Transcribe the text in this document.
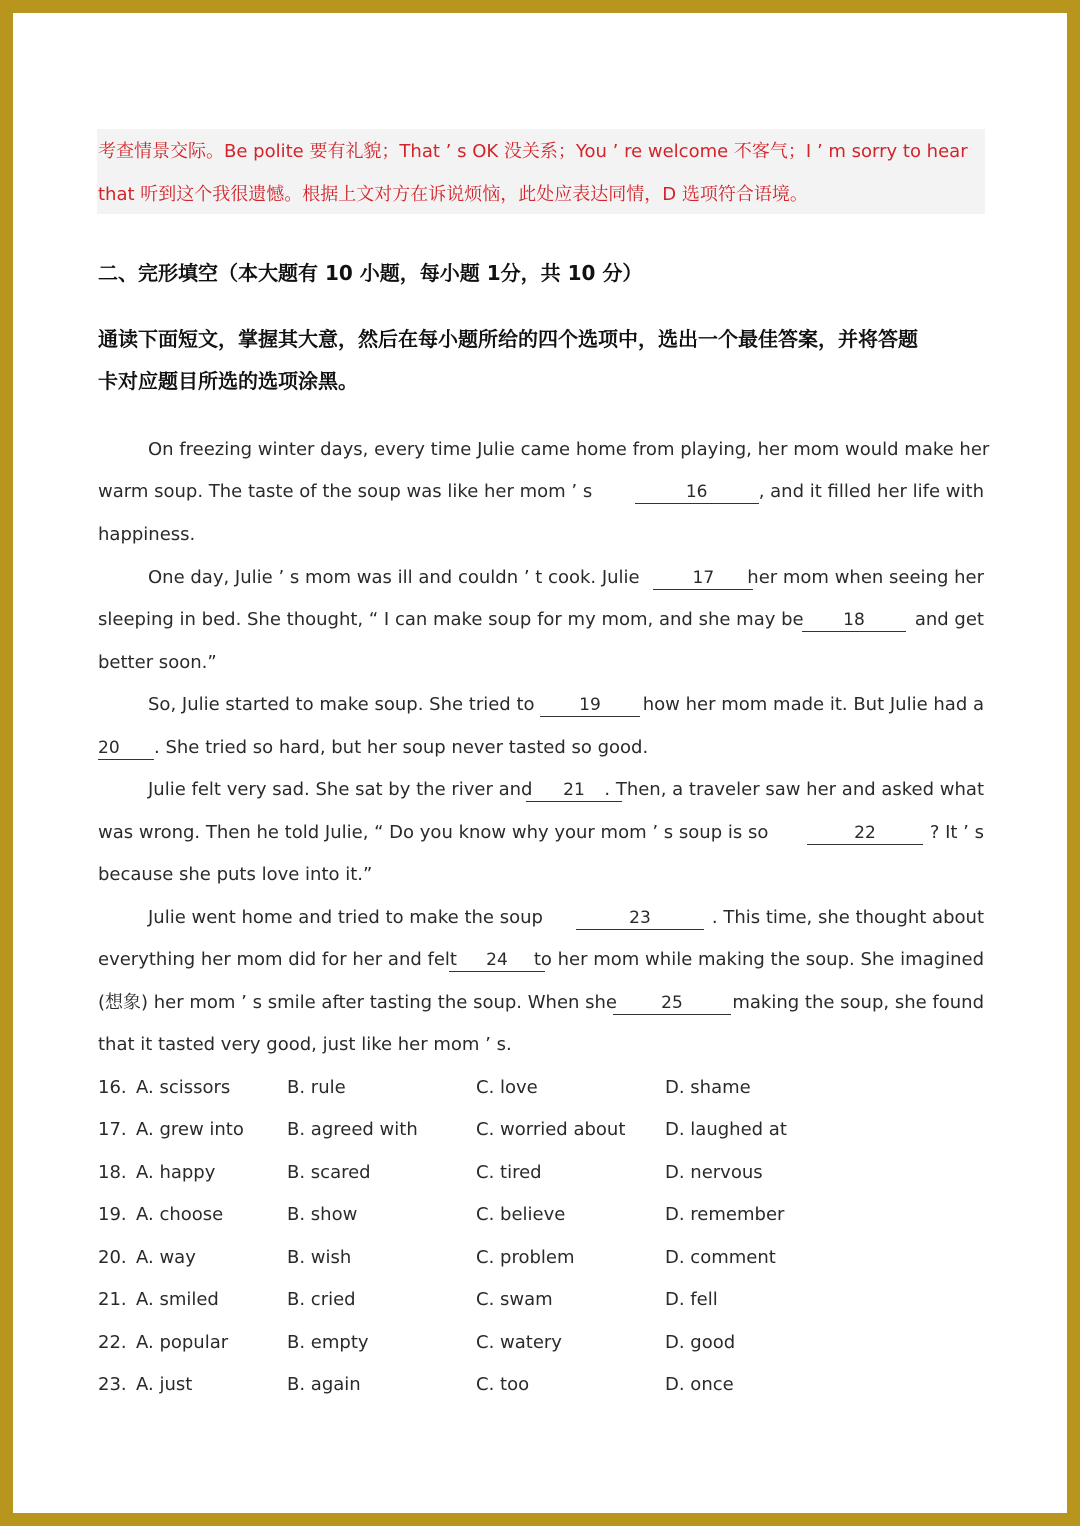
考查情景交际。Be polite 要有礼貌；That ’ s OK 没关系；You ’ re welcome 不客气；I ’ m sorry to hear
that 听到这个我很遗憾。根据上文对方在诉说烦恼，此处应表达同情，D 选项符合语境。
二、完形填空（本大题有 10 小题，每小题 1分，共 10 分）
通读下面短文，掌握其大意，然后在每小题所给的四个选项中，选出一个最佳答案，并将答题
卡对应题目所选的选项涂黑。
On freezing winter days, every time Julie came home from playing, her mom would make her
warm soup. The taste of the soup was like her mom ’ s	16	, and it filled her life with
happiness.
One day, Julie ’ s mom was ill and couldn ’ t cook. Julie	17 her mom when seeing her
sleeping in bed. She thought, “ I can make soup for my mom, and she may be	18	and get
better soon.”
So, Julie started to make soup. She tried to	19	how her mom made it. But Julie had a
20 . She tried so hard, but her soup never tasted so good.
Julie felt very sad. She sat by the river and	21	. Then, a traveler saw her and asked what
was wrong. Then he told Julie, “ Do you know why your mom ’ s soup is so	22	? It ’ s
because she puts love into it.”
Julie went home and tried to make the soup	23	. This time, she thought about
everything her mom did for her and felt	24	to her mom while making the soup. She imagined
(想象) her mom ’ s smile after tasting the soup. When she	25	making the soup, she found
that it tasted very good, just like her mom ’ s.
16. A. scissors	B. rule	C. love	D. shame
17. A. grew into B. agreed with	C. worried about D. laughed at
18. A. happy	B. scared	C. tired	D. nervous
19. A. choose	B. show	C. believe	D. remember
20. A. way	B. wish	C. problem	D. comment
21. A. smiled	B. cried	C. swam	D. fell
22. A. popular	B. empty	C. watery	D. good
23. A. just	B. again	C. too	D. once
